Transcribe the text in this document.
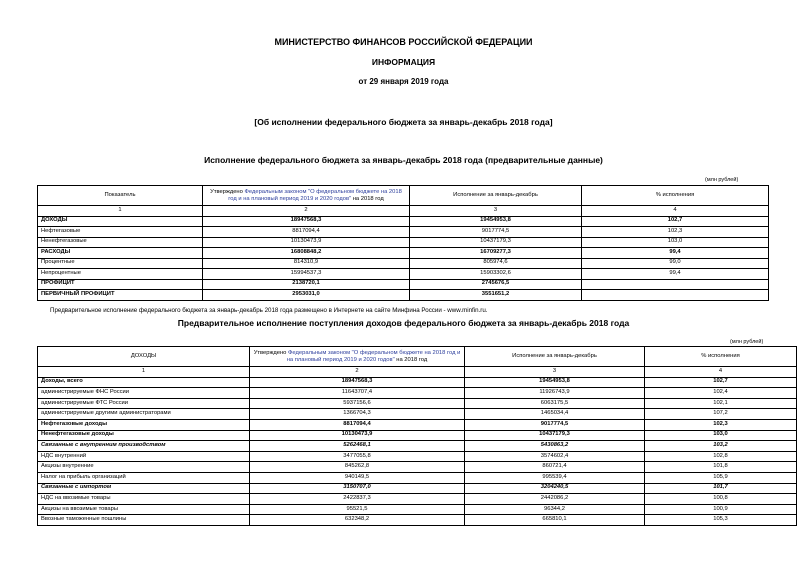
МИНИСТЕРСТВО ФИНАНСОВ РОССИЙСКОЙ ФЕДЕРАЦИИ
ИНФОРМАЦИЯ
от 29 января 2019 года
[Об исполнении федерального бюджета за январь-декабрь 2018 года]
Исполнение федерального бюджета за январь-декабрь 2018 года (предварительные данные)
(млн рублей)
Показатель	Утверждено Федеральным законом "О федеральном бюджете на 2018 год и на плановый период 2019 и 2020 годов" на 2018 год	Исполнение за январь-декабрь	% исполнения
1	2	3	4
ДОХОДЫ	18947568,3	19454953,8	102,7
Нефтегазовые	8817094,4	9017774,5	102,3
Ненефтегазовые	10130473,9	10437179,3	103,0
РАСХОДЫ	16808848,2	16709277,3	99,4
Процентные	814310,9	805974,6	99,0
Непроцентные	15994537,3	15903302,6	99,4
ПРОФИЦИТ	2138720,1	2745676,5	
ПЕРВИЧНЫЙ ПРОФИЦИТ	2953031,0	3551651,2	
Предварительное исполнение федерального бюджета за январь-декабрь 2018 года размещено в Интернете на сайте Минфина России - www.minfin.ru.
Предварительное исполнение поступления доходов федерального бюджета за январь-декабрь 2018 года
(млн рублей)
ДОХОДЫ	Утверждено Федеральным законом "О федеральном бюджете на 2018 год и на плановый период 2019 и 2020 годов" на 2018 год	Исполнение за январь-декабрь	% исполнения
1	2	3	4
Доходы, всего	18947568,3	19454953,8	102,7
администрируемые ФНС России	11643707,4	11926743,9	102,4
администрируемые ФТС России	5937156,6	6063175,5	102,1
администрируемые другими администраторами	1366704,3	1465034,4	107,2
Нефтегазовые доходы	8817094,4	9017774,5	102,3
Ненефтегазовые доходы	10130473,9	10437179,3	103,0
Связанные с внутренним производством	5262468,1	5430863,2	103,2
НДС внутренний	3477055,8	3574602,4	102,8
Акцизы внутренние	845262,8	860721,4	101,8
Налог на прибыль организаций	940149,5	995539,4	105,9
Связанные с импортом	3150707,0	3204240,5	101,7
НДС на ввозимые товары	2422837,3	2442086,2	100,8
Акцизы на ввозимые товары	95521,5	96344,2	100,9
Ввозные таможенные пошлины	632348,2	665810,1	105,3
